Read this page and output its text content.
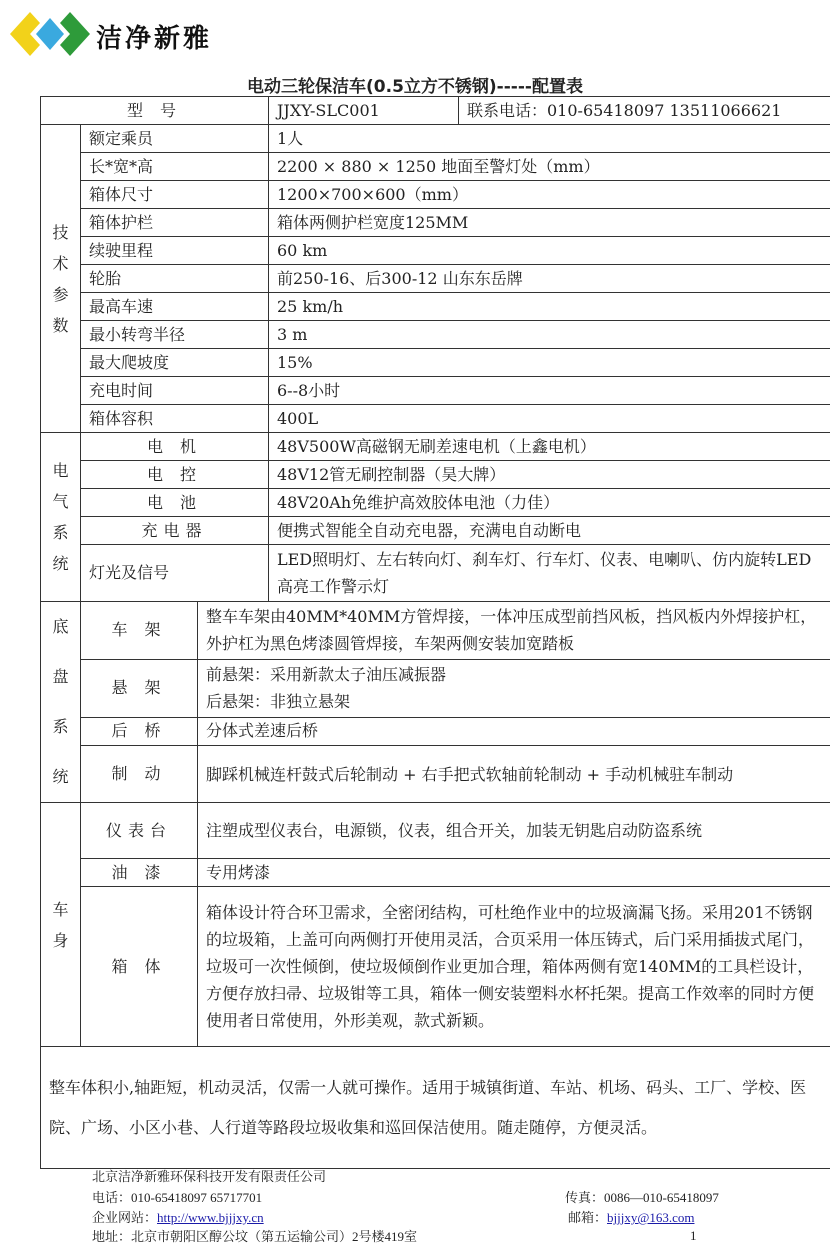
洁净新雅
电动三轮保洁车(0.5立方不锈钢)-----配置表
型 号			JJXY-SLC001	联系电话：010-65418097 13511066621
技术参数	额定乘员		1人	
	长*宽*高		2200 × 880 × 1250 地面至警灯处（mm）	
	箱体尺寸		1200×700×600（mm）	
	箱体护栏		箱体两侧护栏宽度125MM	
	续驶里程		60 km	
	轮胎		前250-16、后300-12 山东东岳牌	
	最高车速		25 km/h	
	最小转弯半径		3 m	
	最大爬坡度		15%	
	充电时间		6--8小时	
	箱体容积		400L	
电气系统	电 机		48V500W高磁钢无刷差速电机（上鑫电机）	
	电 控		48V12管无刷控制器（昊大牌）	
	电 池		48V20Ah免维护高效胶体电池（力佳）	
	充电器		便携式智能全自动充电器，充满电自动断电	
	灯光及信号		LED照明灯、左右转向灯、刹车灯、行车灯、仪表、电喇叭、仿内旋转LED高亮工作警示灯	
底盘系统	车 架	整车车架由40MM*40MM方管焊接，一体冲压成型前挡风板，挡风板内外焊接护杠，外护杠为黑色烤漆圆管焊接，车架两侧安装加宽踏板		
	悬 架	前悬架：采用新款太子油压减振器
后悬架：非独立悬架		

	后 桥	分体式差速后桥		
	制 动	脚踩机械连杆鼓式后轮制动 + 右手把式软轴前轮制动 + 手动机械驻车制动		
车身	仪表台	注塑成型仪表台，电源锁，仪表，组合开关，加装无钥匙启动防盗系统		
	油 漆	专用烤漆		
	箱 体	箱体设计符合环卫需求，全密闭结构，可杜绝作业中的垃圾滴漏飞扬。采用201不锈钢的垃圾箱，上盖可向两侧打开使用灵活，合页采用一体压铸式，后门采用插拔式尾门，垃圾可一次性倾倒，使垃圾倾倒作业更加合理，箱体两侧有宽140MM的工具栏设计，方便存放扫帚、垃圾钳等工具，箱体一侧安装塑料水杯托架。提高工作效率的同时方便使用者日常使用，外形美观，款式新颖。		
整车体积小,轴距短，机动灵活，仅需一人就可操作。适用于城镇街道、车站、机场、码头、工厂、学校、医院、广场、小区小巷、人行道等路段垃圾收集和巡回保洁使用。随走随停，方便灵活。				
北京洁净新雅环保科技开发有限责任公司
电话：010-65418097 65717701	传真：0086—010-65418097
企业网站：http://www.bjjjxy.cn	邮箱：bjjjxy@163.com
地址：北京市朝阳区醇公坟（第五运输公司）2号楼419室	1
